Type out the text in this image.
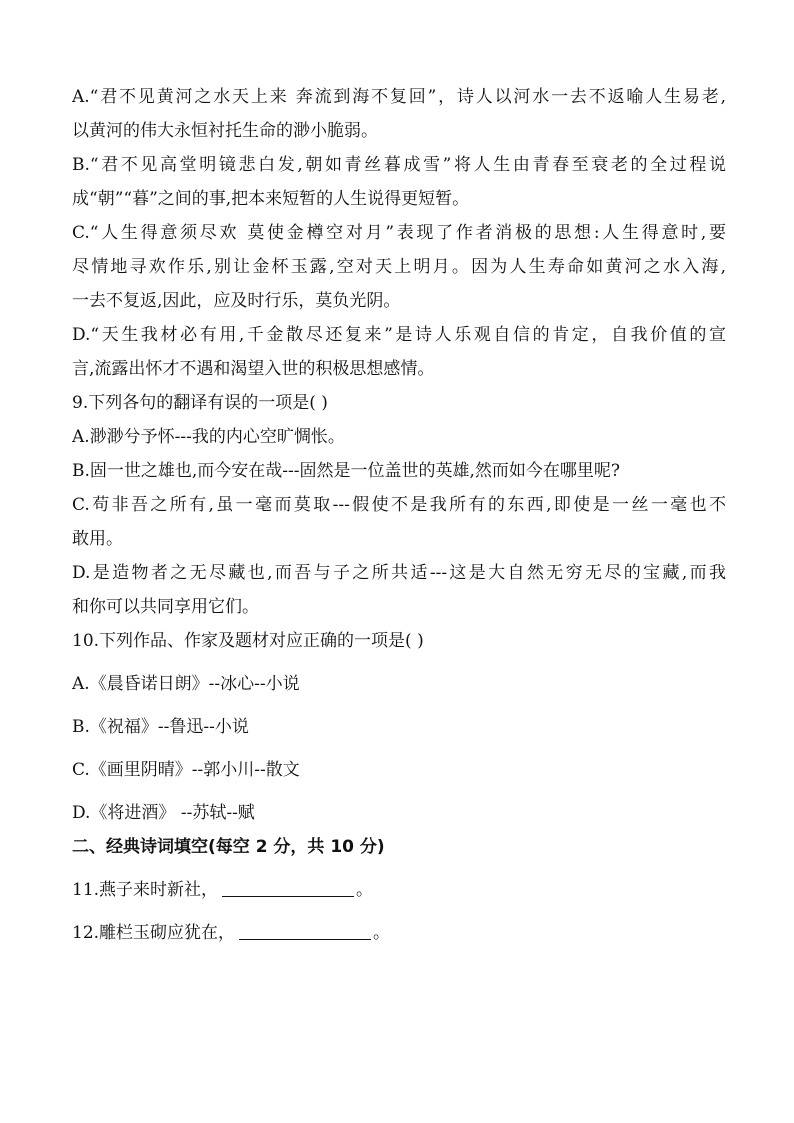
A.“君不见黄河之水天上来 奔流到海不复回”，诗人以河水一去不返喻人生易老,
以黄河的伟大永恒衬托生命的渺小脆弱。
B.“君不见高堂明镜悲白发,朝如青丝暮成雪”将人生由青春至衰老的全过程说
成“朝”“暮”之间的事,把本来短暂的人生说得更短暂。
C.“人生得意须尽欢 莫使金樽空对月”表现了作者消极的思想:人生得意时,要
尽情地寻欢作乐,别让金杯玉露,空对天上明月。因为人生寿命如黄河之水入海,
一去不复返,因此，应及时行乐，莫负光阴。
D.“天生我材必有用,千金散尽还复来”是诗人乐观自信的肯定，自我价值的宣
言,流露出怀才不遇和渴望入世的积极思想感情。
9.下列各句的翻译有误的一项是( )
A.渺渺兮予怀---我的内心空旷惆怅。
B.固一世之雄也,而今安在哉---固然是一位盖世的英雄,然而如今在哪里呢?
C.苟非吾之所有,虽一毫而莫取---假使不是我所有的东西,即使是一丝一毫也不
敢用。
D.是造物者之无尽藏也,而吾与子之所共适---这是大自然无穷无尽的宝藏,而我
和你可以共同享用它们。
10.下列作品、作家及题材对应正确的一项是( )
A.《晨昏诺日朗》--冰心--小说
B.《祝福》--鲁迅--小说
C.《画里阴晴》--郭小川--散文
D.《将进酒》 --苏轼--赋
二、经典诗词填空(每空 2 分，共 10 分)
11.燕子来时新社，	。
12.雕栏玉砌应犹在，	。
